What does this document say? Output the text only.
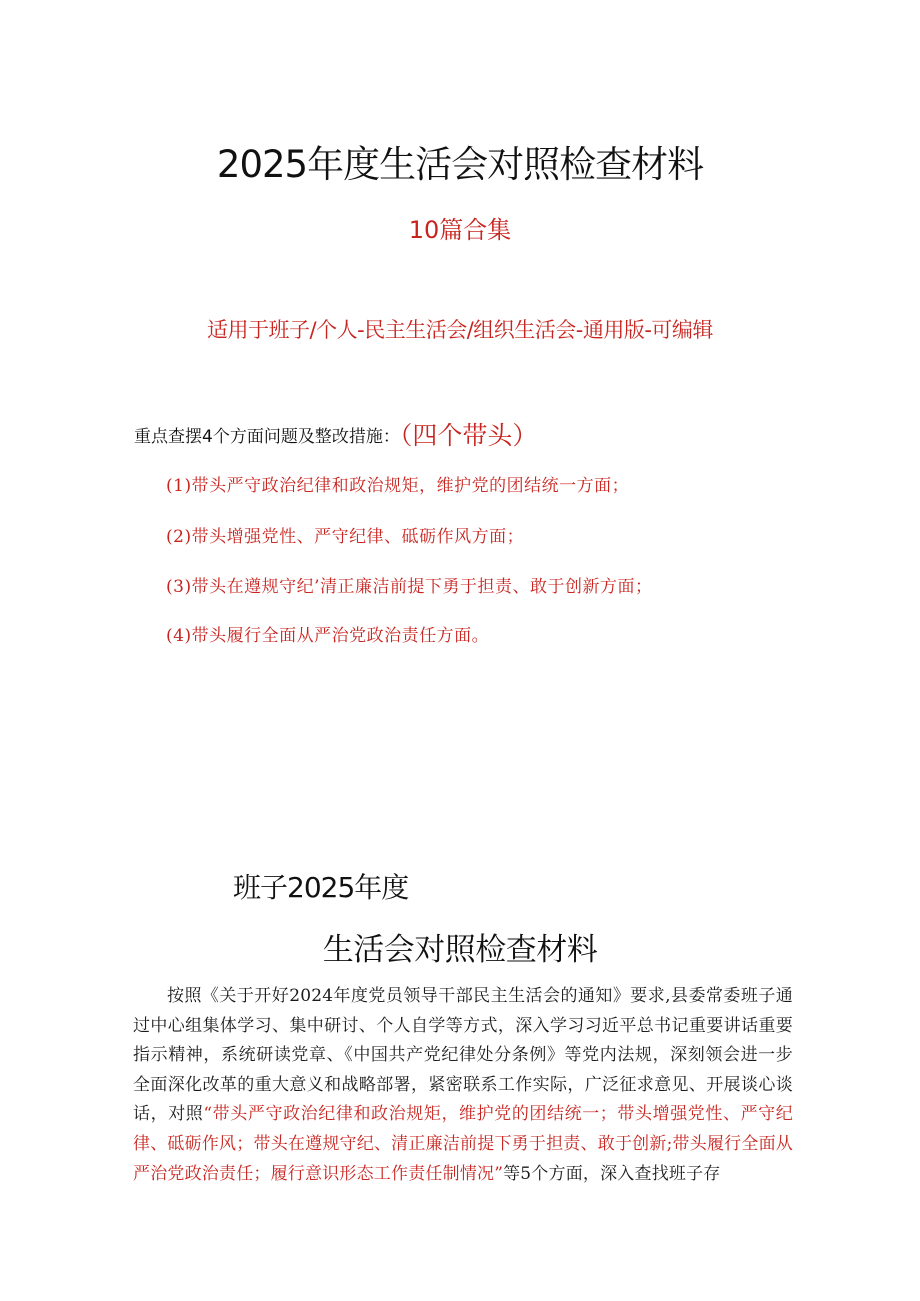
2025年度生活会对照检查材料
10篇合集
适用于班子/个人-民主生活会/组织生活会-通用版-可编辑
重点查摆4个方面问题及整改措施：（四个带头）
(1)带头严守政治纪律和政治规矩，维护党的团结统一方面；
(2)带头增强党性、严守纪律、砥砺作风方面；
(3)带头在遵规守纪’清正廉洁前提下勇于担责、敢于创新方面；
(4)带头履行全面从严治党政治责任方面。
班子2025年度
生活会对照检查材料
按照《关于开好2024年度党员领导干部民主生活会的通知》要求,县委常委班子通过中心组集体学习、集中研讨、个人自学等方式，深入学习习近平总书记重要讲话重要指示精神，系统研读党章、《中国共产党纪律处分条例》等党内法规，深刻领会进一步全面深化改革的重大意义和战略部署，紧密联系工作实际，广泛征求意见、开展谈心谈话，对照“带头严守政治纪律和政治规矩，维护党的团结统一；带头增强党性、严守纪律、砥砺作风；带头在遵规守纪、清正廉洁前提下勇于担责、敢于创新;带头履行全面从严治党政治责任；履行意识形态工作责任制情况”等5个方面，深入查找班子存
